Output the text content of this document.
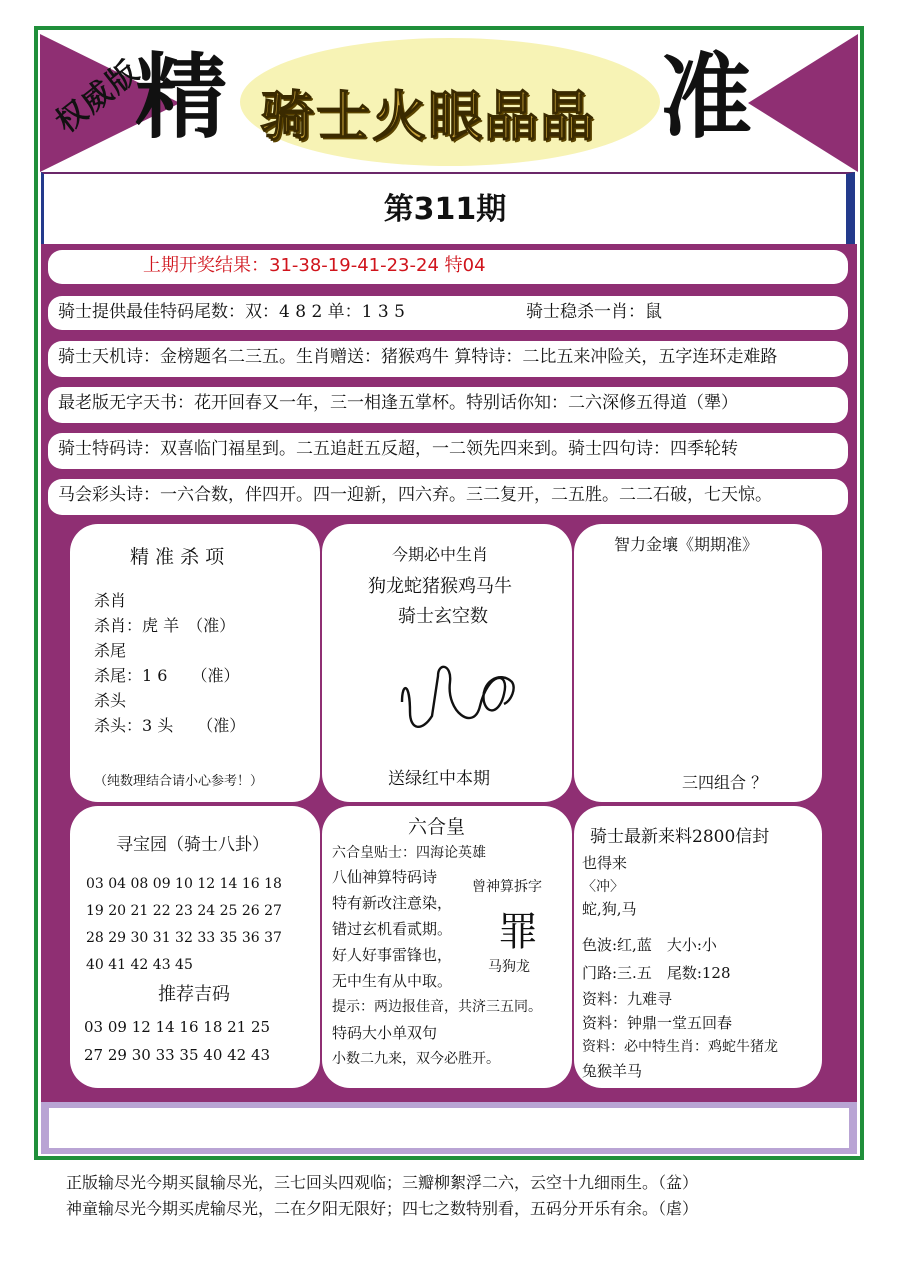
权威版
精 骑士火眼晶晶 准
第311期
上期开奖结果：31-38-19-41-23-24 特04
骑士提供最佳特码尾数：双：4 8 2 单：1 3 5	骑士稳杀一肖：鼠
骑士天机诗：金榜题名二三五。生肖赠送：猪猴鸡牛 算特诗：二比五来冲险关，五字连环走难路
最老版无字天书：花开回春又一年，三一相逢五掌杯。特别话你知：二六深修五得道（犟）
骑士特码诗：双喜临门福星到。二五追赶五反超，一二领先四来到。骑士四句诗：四季轮转
马会彩头诗：一六合数，伴四开。四一迎新，四六弃。三二复开，二五胜。二二石破，七天惊。
精 准 杀 项
杀肖
杀肖：虎 羊　（准）
杀尾
杀尾：1 6　　（准）
杀头
杀头：3 头　　（准）
（纯数理结合请小心参考！）
今期必中生肖
狗龙蛇猪猴鸡马牛
骑士玄空数
送绿红中本期
智力金壤《期期准》
三四组合 ？
寻宝园（骑士八卦）
03 04 08 09 10 12 14 16 18
19 20 21 22 23 24 25 26 27
28 29 30 31 32 33 35 36 37
40 41 42 43 45
推荐吉码
03 09 12 14 16 18 21 25
27 29 30 33 35 40 42 43
六合皇
六合皇贴士：四海论英雄
八仙神算特码诗
特有新改注意染，
错过玄机看贰期。
好人好事雷锋也，
无中生有从中取。
提示：两边报佳音，共济三五同。
特码大小单双句
小数二九来，双今必胜开。
曾神算拆字
罪
马狗龙
骑士最新来料2800信封
也得来
〈冲〉
蛇,狗,马
色波:红,蓝　大小:小
门路:三.五　尾数:128
资料：九难寻
资料：钟鼎一堂五回春
资料：必中特生肖：鸡蛇牛猪龙
兔猴羊马
正版输尽光今期买鼠输尽光，三七回头四观临；三瓣柳絮浮二六，云空十九细雨生。（盆）
神童输尽光今期买虎输尽光，二在夕阳无限好；四七之数特别看，五码分开乐有余。（虐）
